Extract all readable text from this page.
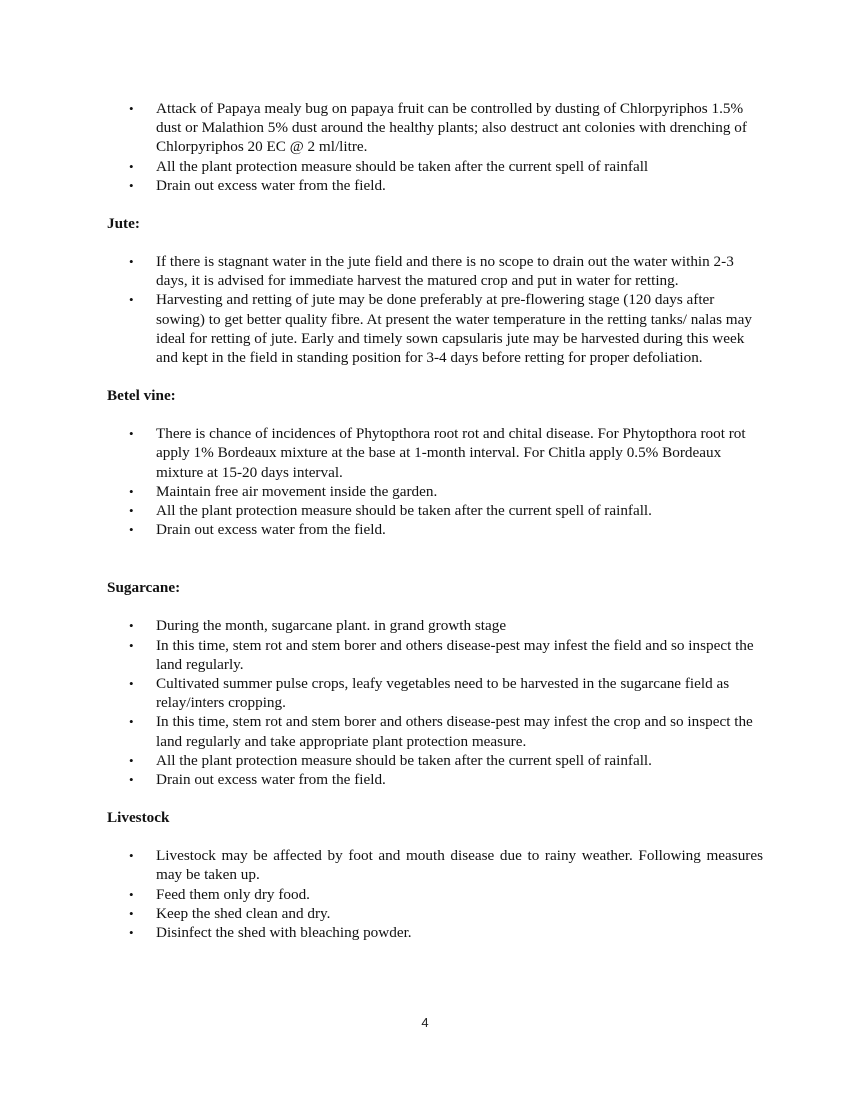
•	Attack of Papaya mealy bug on papaya fruit can be controlled by dusting of Chlorpyriphos 1.5% dust or Malathion 5% dust around the healthy plants; also destruct ant colonies with drenching of Chlorpyriphos 20 EC @ 2 ml/litre.
•	All the plant protection measure should be taken after the current spell of rainfall
•	Drain out excess water from the field.

Jute:

•	If there is stagnant water in the jute field and there is no scope to drain out the water within 2-3 days, it is advised for immediate harvest the matured crop and put in water for retting.
•	Harvesting and retting of jute may be done preferably at pre-flowering stage (120 days after sowing) to get better quality fibre. At present the water temperature in the retting tanks/ nalas may ideal for retting of jute. Early and timely sown capsularis jute may be harvested during this week and kept in the field in standing position for 3-4 days before retting for proper defoliation.

Betel vine:

•	There is chance of incidences of Phytopthora root rot and chital disease. For Phytopthora root rot apply 1% Bordeaux mixture at the base at 1-month interval. For Chitla apply 0.5% Bordeaux mixture at 15-20 days interval.
•	Maintain free air movement inside the garden.
•	All the plant protection measure should be taken after the current spell of rainfall.
•	Drain out excess water from the field.

Sugarcane:

•	During the month, sugarcane plant. in grand growth stage
•	In this time, stem rot and stem borer and others disease-pest may infest the field and so inspect the land regularly.
•	Cultivated summer pulse crops, leafy vegetables need to be harvested in the sugarcane field as relay/inters cropping.
•	In this time, stem rot and stem borer and others disease-pest may infest the crop and so inspect the land regularly and take appropriate plant protection measure.
•	All the plant protection measure should be taken after the current spell of rainfall.
•	Drain out excess water from the field.

Livestock

•	Livestock may be affected by foot and mouth disease due to rainy weather. Following measures may be taken up.
•	Feed them only dry food.
•	Keep the shed clean and dry.
•	Disinfect the shed with bleaching powder.
4
